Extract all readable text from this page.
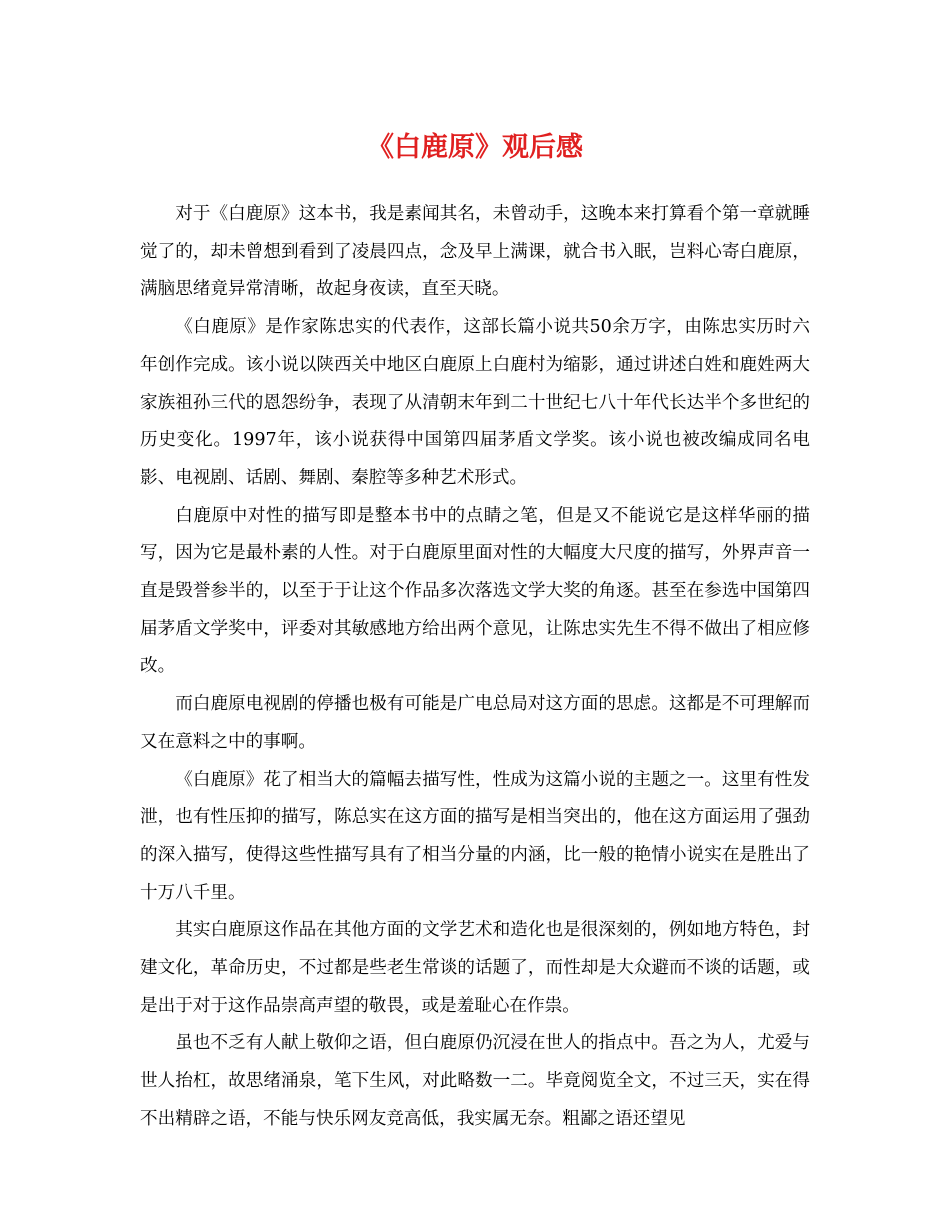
《白鹿原》观后感

对于《白鹿原》这本书，我是素闻其名，未曾动手，这晚本来打算看个第一章就睡觉了的，却未曾想到看到了凌晨四点，念及早上满课，就合书入眠，岂料心寄白鹿原，满脑思绪竟异常清晰，故起身夜读，直至天晓。

《白鹿原》是作家陈忠实的代表作，这部长篇小说共50余万字，由陈忠实历时六年创作完成。该小说以陕西关中地区白鹿原上白鹿村为缩影，通过讲述白姓和鹿姓两大家族祖孙三代的恩怨纷争，表现了从清朝末年到二十世纪七八十年代长达半个多世纪的历史变化。1997年，该小说获得中国第四届茅盾文学奖。该小说也被改编成同名电影、电视剧、话剧、舞剧、秦腔等多种艺术形式。

白鹿原中对性的描写即是整本书中的点睛之笔，但是又不能说它是这样华丽的描写，因为它是最朴素的人性。对于白鹿原里面对性的大幅度大尺度的描写，外界声音一直是毁誉参半的，以至于于让这个作品多次落选文学大奖的角逐。甚至在参选中国第四届茅盾文学奖中，评委对其敏感地方给出两个意见，让陈忠实先生不得不做出了相应修改。

而白鹿原电视剧的停播也极有可能是广电总局对这方面的思虑。这都是不可理解而又在意料之中的事啊。

《白鹿原》花了相当大的篇幅去描写性，性成为这篇小说的主题之一。这里有性发泄，也有性压抑的描写，陈总实在这方面的描写是相当突出的，他在这方面运用了强劲的深入描写，使得这些性描写具有了相当分量的内涵，比一般的艳情小说实在是胜出了十万八千里。

其实白鹿原这作品在其他方面的文学艺术和造化也是很深刻的，例如地方特色，封建文化，革命历史，不过都是些老生常谈的话题了，而性却是大众避而不谈的话题，或是出于对于这作品崇高声望的敬畏，或是羞耻心在作祟。

虽也不乏有人献上敬仰之语，但白鹿原仍沉浸在世人的指点中。吾之为人，尤爱与世人抬杠，故思绪涌泉，笔下生风，对此略数一二。毕竟阅览全文，不过三天，实在得不出精辟之语，不能与快乐网友竞高低，我实属无奈。粗鄙之语还望见
